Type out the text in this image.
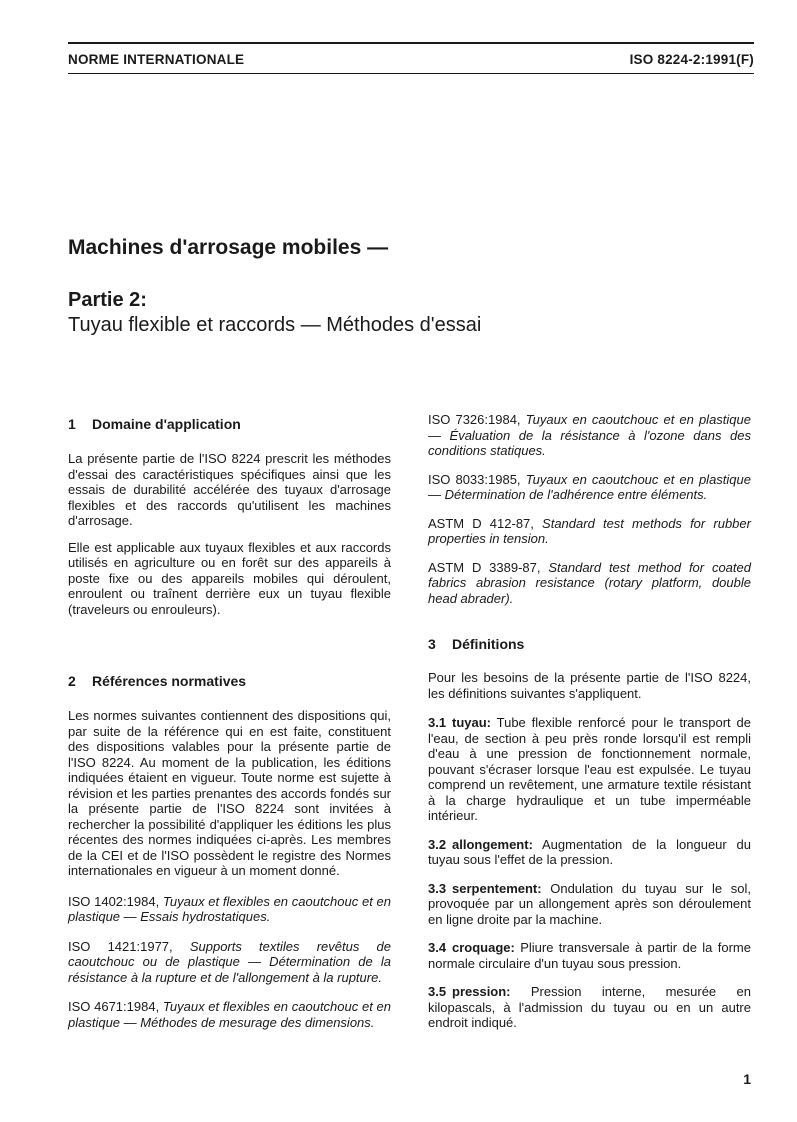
NORME INTERNATIONALE	ISO 8224-2:1991(F)
Machines d'arrosage mobiles —
Partie 2:
Tuyau flexible et raccords — Méthodes d'essai
1 Domaine d'application

La présente partie de l'ISO 8224 prescrit les méthodes d'essai des caractéristiques spécifiques ainsi que les essais de durabilité accélérée des tuyaux d'arrosage flexibles et des raccords qu'utilisent les machines d'arrosage.

Elle est applicable aux tuyaux flexibles et aux raccords utilisés en agriculture ou en forêt sur des appareils à poste fixe ou des appareils mobiles qui déroulent, enroulent ou traînent derrière eux un tuyau flexible (traveleurs ou enrouleurs).

2 Références normatives

Les normes suivantes contiennent des dispositions qui, par suite de la référence qui en est faite, constituent des dispositions valables pour la présente partie de l'ISO 8224. Au moment de la publication, les éditions indiquées étaient en vigueur. Toute norme est sujette à révision et les parties prenantes des accords fondés sur la présente partie de l'ISO 8224 sont invitées à rechercher la possibilité d'appliquer les éditions les plus récentes des normes indiquées ci-après. Les membres de la CEI et de l'ISO possèdent le registre des Normes internationales en vigueur à un moment donné.

ISO 1402:1984, Tuyaux et flexibles en caoutchouc et en plastique — Essais hydrostatiques.

ISO 1421:1977, Supports textiles revêtus de caoutchouc ou de plastique — Détermination de la résistance à la rupture et de l'allongement à la rupture.

ISO 4671:1984, Tuyaux et flexibles en caoutchouc et en plastique — Méthodes de mesurage des dimensions.

ISO 7326:1984, Tuyaux en caoutchouc et en plastique — Évaluation de la résistance à l'ozone dans des conditions statiques.

ISO 8033:1985, Tuyaux en caoutchouc et en plastique — Détermination de l'adhérence entre éléments.

ASTM D 412-87, Standard test methods for rubber properties in tension.

ASTM D 3389-87, Standard test method for coated fabrics abrasion resistance (rotary platform, double head abrader).

3 Définitions

Pour les besoins de la présente partie de l'ISO 8224, les définitions suivantes s'appliquent.

3.1 tuyau: Tube flexible renforcé pour le transport de l'eau, de section à peu près ronde lorsqu'il est rempli d'eau à une pression de fonctionnement normale, pouvant s'écraser lorsque l'eau est expulsée. Le tuyau comprend un revêtement, une armature textile résistant à la charge hydraulique et un tube imperméable intérieur.

3.2 allongement: Augmentation de la longueur du tuyau sous l'effet de la pression.

3.3 serpentement: Ondulation du tuyau sur le sol, provoquée par un allongement après son déroulement en ligne droite par la machine.

3.4 croquage: Pliure transversale à partir de la forme normale circulaire d'un tuyau sous pression.

3.5 pression: Pression interne, mesurée en kilopascals, à l'admission du tuyau ou en un autre endroit indiqué.

1
